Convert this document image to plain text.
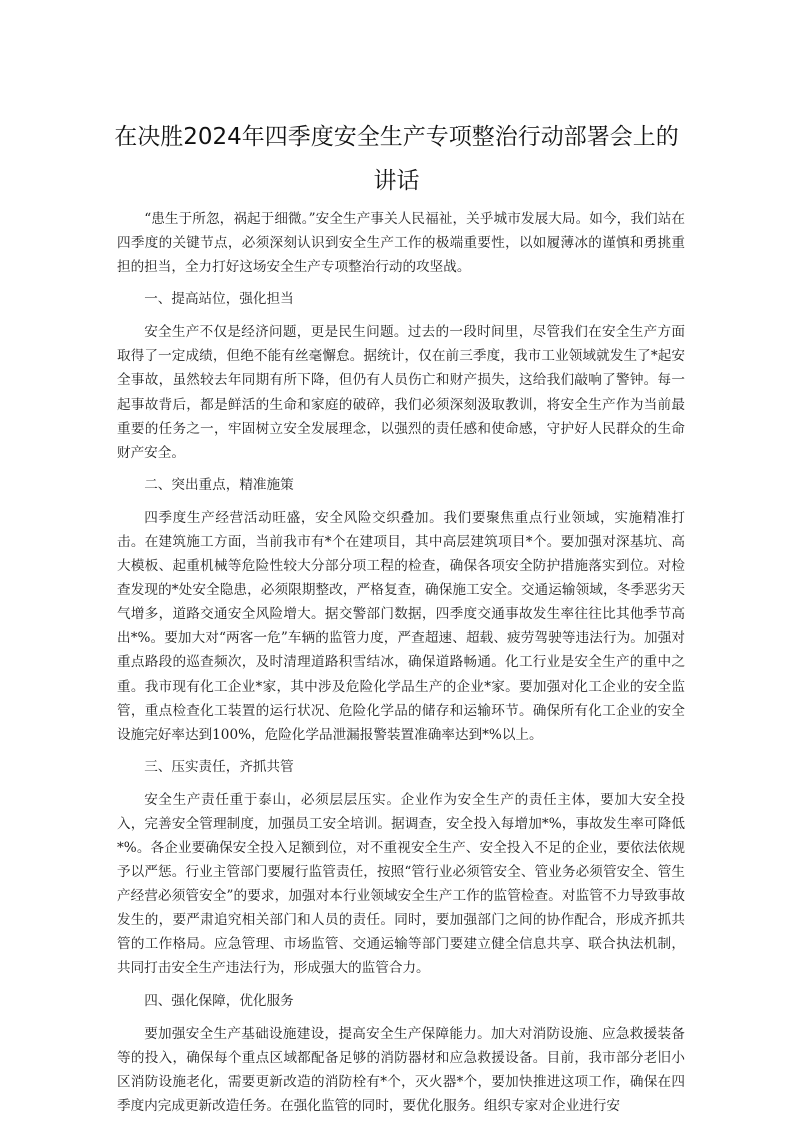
在决胜2024年四季度安全生产专项整治行动部署会上的讲话

“患生于所忽，祸起于细微。”安全生产事关人民福祉，关乎城市发展大局。如今，我们站在四季度的关键节点，必须深刻认识到安全生产工作的极端重要性，以如履薄冰的谨慎和勇挑重担的担当，全力打好这场安全生产专项整治行动的攻坚战。

一、提高站位，强化担当

安全生产不仅是经济问题，更是民生问题。过去的一段时间里，尽管我们在安全生产方面取得了一定成绩，但绝不能有丝毫懈怠。据统计，仅在前三季度，我市工业领域就发生了*起安全事故，虽然较去年同期有所下降，但仍有人员伤亡和财产损失，这给我们敲响了警钟。每一起事故背后，都是鲜活的生命和家庭的破碎，我们必须深刻汲取教训，将安全生产作为当前最重要的任务之一，牢固树立安全发展理念，以强烈的责任感和使命感，守护好人民群众的生命财产安全。

二、突出重点，精准施策

四季度生产经营活动旺盛，安全风险交织叠加。我们要聚焦重点行业领域，实施精准打击。在建筑施工方面，当前我市有*个在建项目，其中高层建筑项目*个。要加强对深基坑、高大模板、起重机械等危险性较大分部分项工程的检查，确保各项安全防护措施落实到位。对检查发现的*处安全隐患，必须限期整改，严格复查，确保施工安全。交通运输领域，冬季恶劣天气增多，道路交通安全风险增大。据交警部门数据，四季度交通事故发生率往往比其他季节高出*%。要加大对“两客一危”车辆的监管力度，严查超速、超载、疲劳驾驶等违法行为。加强对重点路段的巡查频次，及时清理道路积雪结冰，确保道路畅通。化工行业是安全生产的重中之重。我市现有化工企业*家，其中涉及危险化学品生产的企业*家。要加强对化工企业的安全监管，重点检查化工装置的运行状况、危险化学品的储存和运输环节。确保所有化工企业的安全设施完好率达到100%，危险化学品泄漏报警装置准确率达到*%以上。

三、压实责任，齐抓共管

安全生产责任重于泰山，必须层层压实。企业作为安全生产的责任主体，要加大安全投入，完善安全管理制度，加强员工安全培训。据调查，安全投入每增加*%，事故发生率可降低*%。各企业要确保安全投入足额到位，对不重视安全生产、安全投入不足的企业，要依法依规予以严惩。行业主管部门要履行监管责任，按照“管行业必须管安全、管业务必须管安全、管生产经营必须管安全”的要求，加强对本行业领域安全生产工作的监管检查。对监管不力导致事故发生的，要严肃追究相关部门和人员的责任。同时，要加强部门之间的协作配合，形成齐抓共管的工作格局。应急管理、市场监管、交通运输等部门要建立健全信息共享、联合执法机制，共同打击安全生产违法行为，形成强大的监管合力。

四、强化保障，优化服务

要加强安全生产基础设施建设，提高安全生产保障能力。加大对消防设施、应急救援装备等的投入，确保每个重点区域都配备足够的消防器材和应急救援设备。目前，我市部分老旧小区消防设施老化，需要更新改造的消防栓有*个，灭火器*个，要加快推进这项工作，确保在四季度内完成更新改造任务。在强化监管的同时，要优化服务。组织专家对企业进行安
